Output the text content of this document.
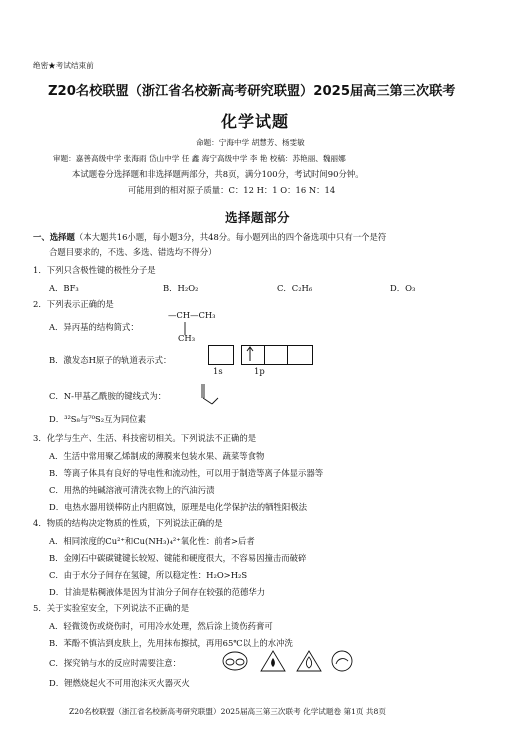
绝密★考试结束前
Z20名校联盟（浙江省名校新高考研究联盟）2025届高三第三次联考
化学试题
命题：宁海中学 胡慧芳、杨雯敏
审题：嘉善高级中学 张海雨 岱山中学 任 鑫 海宁高级中学 李 艳 校稿：苏艳丽、魏丽娜
本试题卷分选择题和非选择题两部分，共8页，满分100分，考试时间90分钟。
可能用到的相对原子质量：C：12 H：1 O：16 N：14
选择题部分
一、选择题（本大题共16小题，每小题3分，共48分。每小题列出的四个备选项中只有一个是符
合题目要求的，不选、多选、错选均不得分）
1．下列只含极性键的极性分子是
A．BF₃	B．H₂O₂	C．C₂H₆	D．O₃
2．下列表示正确的是
A．异丙基的结构简式：
—CH—CH₃
CH₃
B．激发态H原子的轨道表示式：
1s	1p
C．N-甲基乙酰胺的键线式为：
D．³²S₈与⁷⁰S₂互为同位素
3．化学与生产、生活、科技密切相关。下列说法不正确的是
A．生活中常用聚乙烯制成的薄膜来包装水果、蔬菜等食物
B．等离子体具有良好的导电性和流动性，可以用于制造等离子体显示器等
C．用热的纯碱溶液可清洗衣物上的汽油污渍
D．电热水器用镁棒防止内胆腐蚀，原理是电化学保护法的牺牲阳极法
4．物质的结构决定物质的性质，下列说法正确的是
A．相同浓度的Cu²⁺和Cu(NH₃)₄²⁺氧化性：前者>后者
B．金刚石中碳碳键键长较短、键能和硬度很大，不容易因撞击而破碎
C．由于水分子间存在氢键，所以稳定性：H₂O>H₂S
D．甘油是粘稠液体是因为甘油分子间存在较强的范德华力
5．关于实验室安全，下列说法不正确的是
A．轻微烫伤或烧伤时，可用冷水处理，然后涂上烫伤药膏可
B．苯酚不慎沾到皮肤上，先用抹布擦拭，再用65℃以上的水冲洗
C．探究钠与水的反应时需要注意：
D．锂燃烧起火不可用泡沫灭火器灭火
Z20名校联盟（浙江省名校新高考研究联盟）2025届高三第三次联考 化学试题卷 第1页 共8页
